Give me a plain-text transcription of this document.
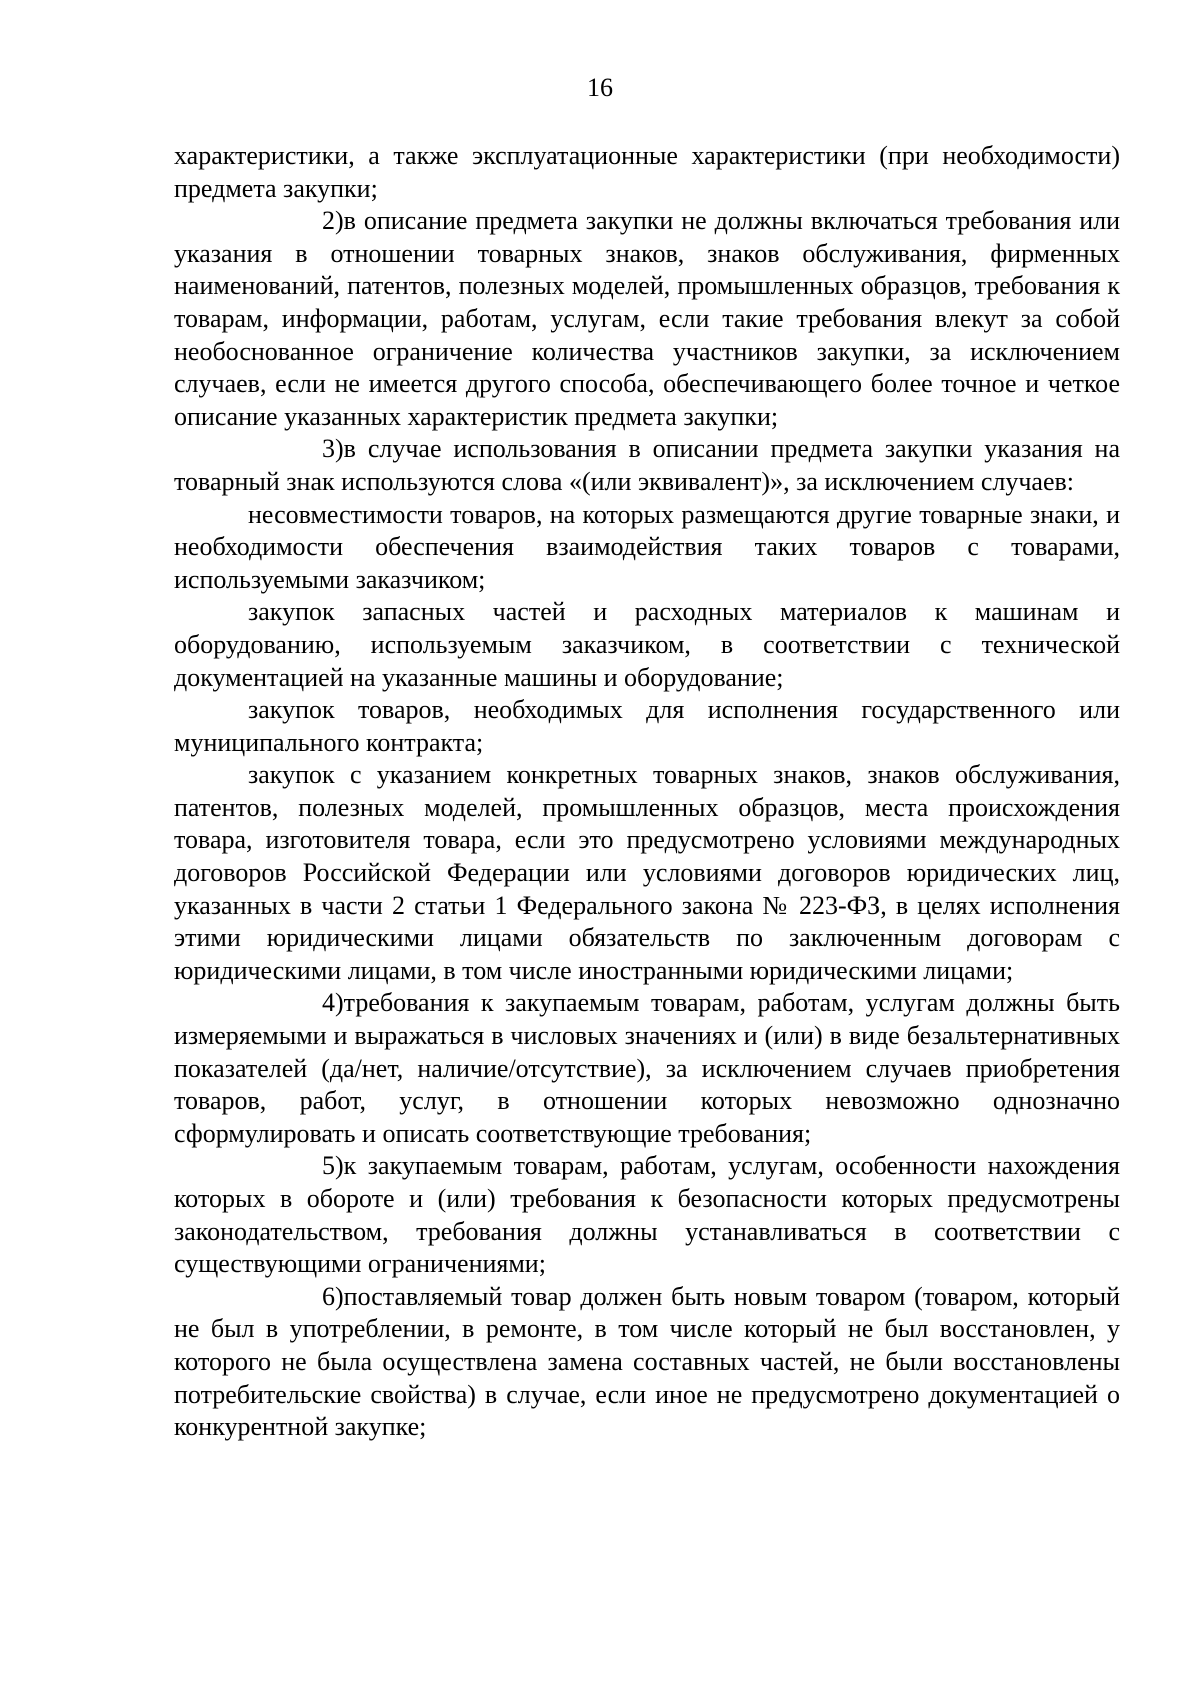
16

характеристики, а также эксплуатационные характеристики (при необходимости) предмета закупки;

2)в описание предмета закупки не должны включаться требования или указания в отношении товарных знаков, знаков обслуживания, фирменных наименований, патентов, полезных моделей, промышленных образцов, требования к товарам, информации, работам, услугам, если такие требования влекут за собой необоснованное ограничение количества участников закупки, за исключением случаев, если не имеется другого способа, обеспечивающего более точное и четкое описание указанных характеристик предмета закупки;

3)в случае использования в описании предмета закупки указания на товарный знак используются слова «(или эквивалент)», за исключением случаев:

несовместимости товаров, на которых размещаются другие товарные знаки, и необходимости обеспечения взаимодействия таких товаров с товарами, используемыми заказчиком;

закупок запасных частей и расходных материалов к машинам и оборудованию, используемым заказчиком, в соответствии с технической документацией на указанные машины и оборудование;

закупок товаров, необходимых для исполнения государственного или муниципального контракта;

закупок с указанием конкретных товарных знаков, знаков обслуживания, патентов, полезных моделей, промышленных образцов, места происхождения товара, изготовителя товара, если это предусмотрено условиями международных договоров Российской Федерации или условиями договоров юридических лиц, указанных в части 2 статьи 1 Федерального закона № 223-ФЗ, в целях исполнения этими юридическими лицами обязательств по заключенным договорам с юридическими лицами, в том числе иностранными юридическими лицами;

4)требования к закупаемым товарам, работам, услугам должны быть измеряемыми и выражаться в числовых значениях и (или) в виде безальтернативных показателей (да/нет, наличие/отсутствие), за исключением случаев приобретения товаров, работ, услуг, в отношении которых невозможно однозначно сформулировать и описать соответствующие требования;

5)к закупаемым товарам, работам, услугам, особенности нахождения которых в обороте и (или) требования к безопасности которых предусмотрены законодательством, требования должны устанавливаться в соответствии с существующими ограничениями;

6)поставляемый товар должен быть новым товаром (товаром, который не был в употреблении, в ремонте, в том числе который не был восстановлен, у которого не была осуществлена замена составных частей, не были восстановлены потребительские свойства) в случае, если иное не предусмотрено документацией о конкурентной закупке;
